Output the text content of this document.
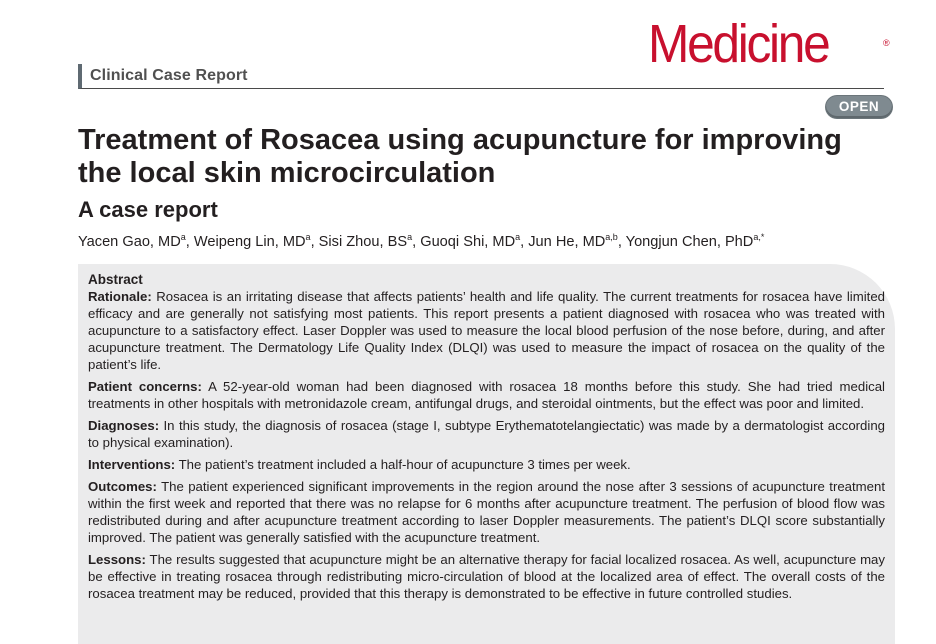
Clinical Case Report
Medicine	®
OPEN
Treatment of Rosacea using acupuncture for improving the local skin microcirculation
A case report
Yacen Gao, $MD^a$, Weipeng Lin, $MD^a$, Sisi Zhou, $BS^a$, Guoqi Shi, $MD^a$, Jun He, MD$^{a,b}$, Yongjun Chen, PhD$^{a,*}$
Abstract

Rationale: Rosacea is an irritating disease that affects patients’ health and life quality. The current treatments for rosacea have limited efficacy and are generally not satisfying most patients. This report presents a patient diagnosed with rosacea who was treated with acupuncture to a satisfactory effect. Laser Doppler was used to measure the local blood perfusion of the nose before, during, and after acupuncture treatment. The Dermatology Life Quality Index (DLQI) was used to measure the impact of rosacea on the quality of the patient’s life.

Patient concerns: A 52-year-old woman had been diagnosed with rosacea 18 months before this study. She had tried medical treatments in other hospitals with metronidazole cream, antifungal drugs, and steroidal ointments, but the effect was poor and limited.

Diagnoses: In this study, the diagnosis of rosacea (stage I, subtype Erythematotelangiectatic) was made by a dermatologist according to physical examination).

Interventions: The patient’s treatment included a half-hour of acupuncture 3 times per week.

Outcomes: The patient experienced significant improvements in the region around the nose after 3 sessions of acupuncture treatment within the first week and reported that there was no relapse for 6 months after acupuncture treatment. The perfusion of blood flow was redistributed during and after acupuncture treatment according to laser Doppler measurements. The patient’s DLQI score substantially improved. The patient was generally satisfied with the acupuncture treatment.

Lessons: The results suggested that acupuncture might be an alternative therapy for facial localized rosacea. As well, acupuncture may be effective in treating rosacea through redistributing micro-circulation of blood at the localized area of effect. The overall costs of the rosacea treatment may be reduced, provided that this therapy is demonstrated to be effective in future controlled studies.
